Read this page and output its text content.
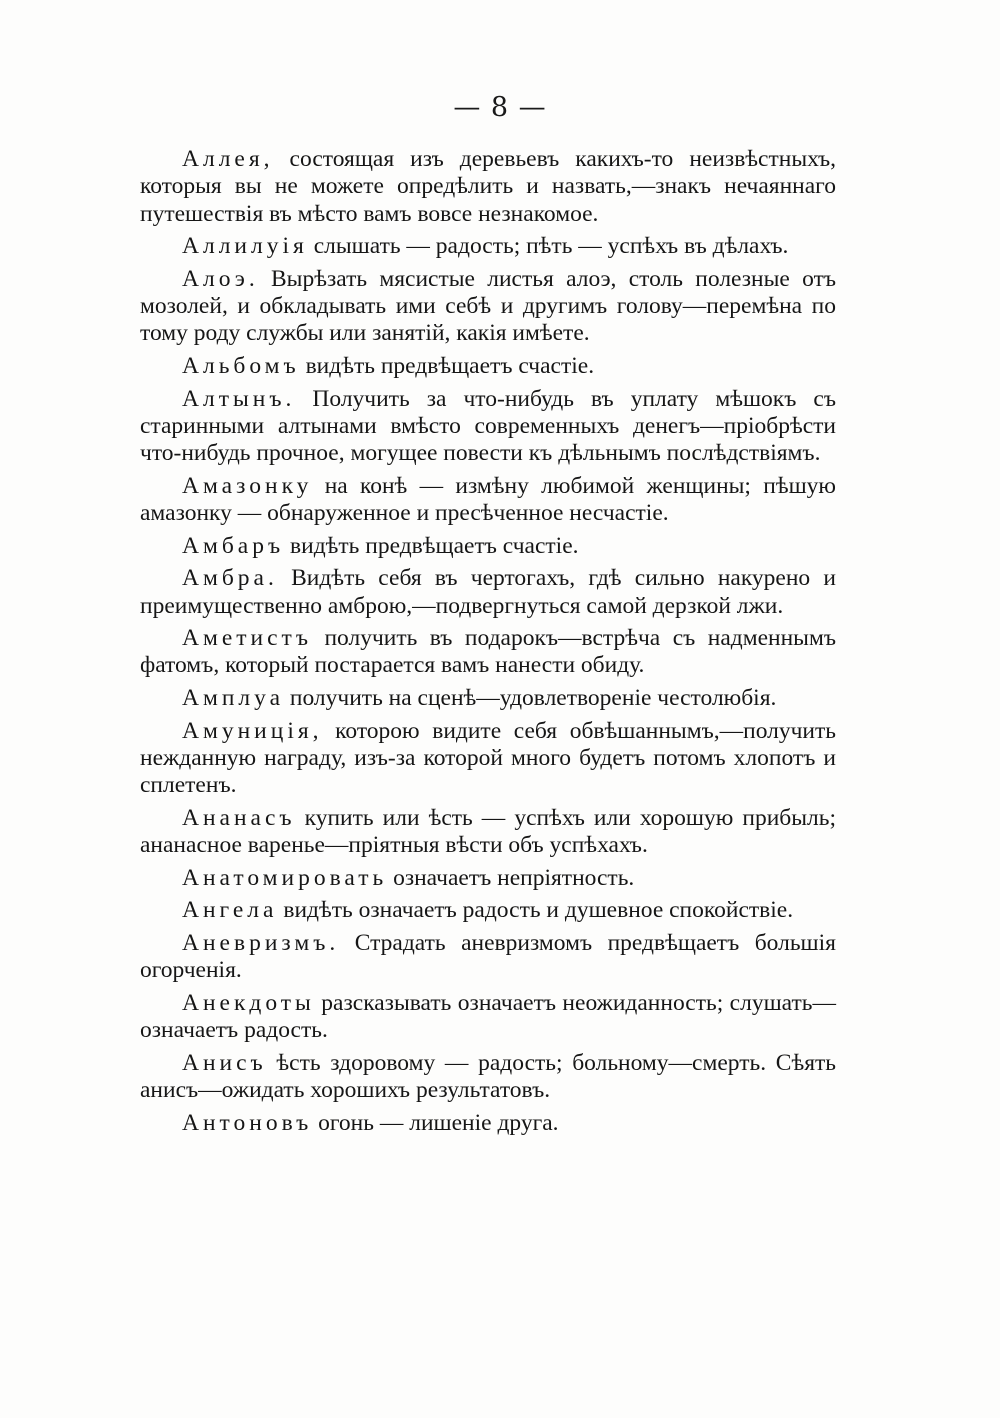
— 8 —

Аллея, состоящая изъ деревьевъ какихъ-то неизвѣстныхъ, которыя вы не можете опредѣлить и назвать,—знакъ нечаяннаго путешествія въ мѣсто вамъ вовсе незнакомое.

Аллилуія слышать — радость; пѣть — успѣхъ въ дѣлахъ.

Алоэ. Вырѣзать мясистые листья алоэ, столь полезные отъ мозолей, и обкладывать ими себѣ и другимъ голову—перемѣна по тому роду службы или занятій, какія имѣете.

Альбомъ видѣть предвѣщаетъ счастіе.

Алтынъ. Получить за что-нибудь въ уплату мѣшокъ съ старинными алтынами вмѣсто современныхъ денегъ—пріобрѣсти что-нибудь прочное, могущее повести къ дѣльнымъ послѣдствіямъ.

Амазонку на конѣ — измѣну любимой женщины; пѣшую амазонку — обнаруженное и пресѣченное несчастіе.

Амбаръ видѣть предвѣщаетъ счастіе.

Амбра. Видѣть себя въ чертогахъ, гдѣ сильно накурено и преимущественно амброю,—подвергнуться самой дерзкой лжи.

Аметистъ получить въ подарокъ—встрѣча съ надменнымъ фатомъ, который постарается вамъ нанести обиду.

Амплуа получить на сценѣ—удовлетвореніе честолюбія.

Амуниція, которою видите себя обвѣшаннымъ,—получить нежданную награду, изъ-за которой много будетъ потомъ хлопотъ и сплетенъ.

Ананасъ купить или ѣсть — успѣхъ или хорошую прибыль; ананасное варенье—пріятныя вѣсти объ успѣхахъ.

Анатомировать означаетъ непріятность.

Ангела видѣть означаетъ радость и душевное спокойствіе.

Аневризмъ. Страдать аневризмомъ предвѣщаетъ большія огорченія.

Анекдоты разсказывать означаетъ неожиданность; слушать—означаетъ радость.

Анисъ ѣсть здоровому — радость; больному—смерть. Сѣять анисъ—ожидать хорошихъ результатовъ.

Антоновъ огонь — лишеніе друга.
